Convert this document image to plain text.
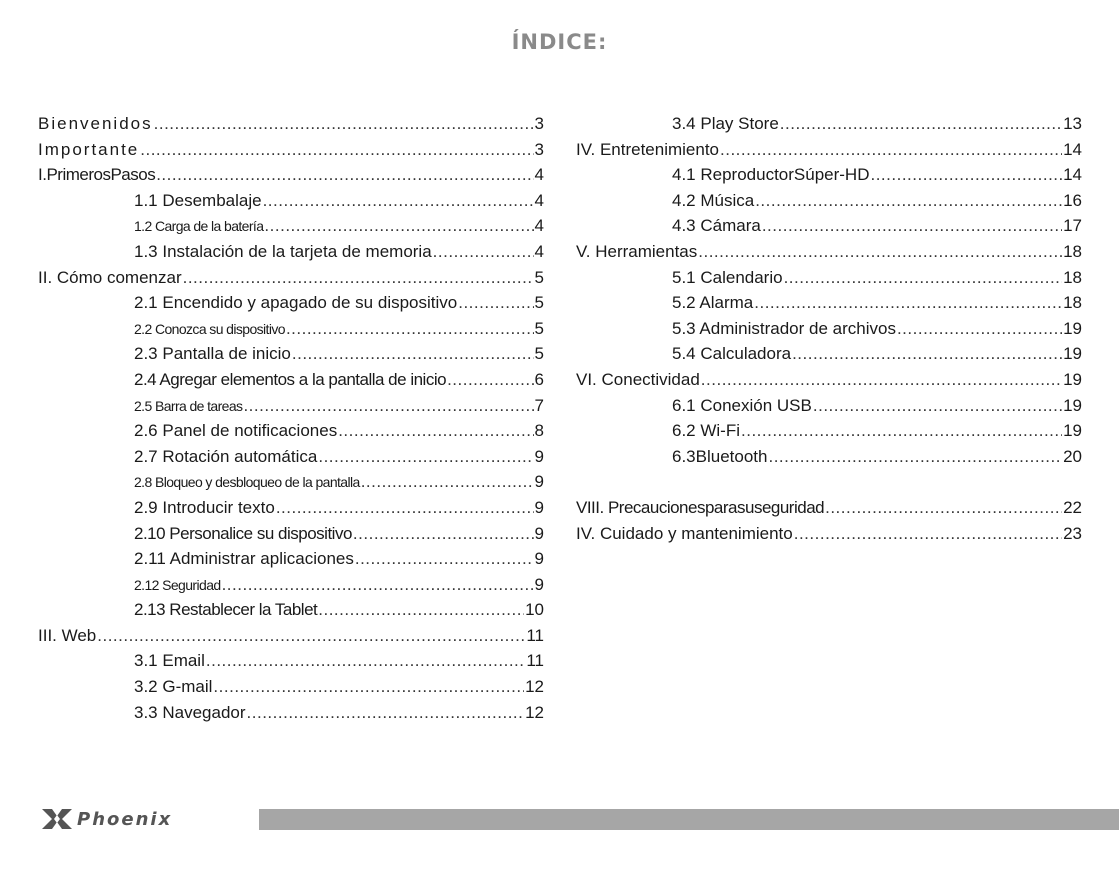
ÍNDICE:
Bienvenidos .....	3
Importante .....	3
I.PrimerosPasos .....	4
1.1 Desembalaje .....	4
1.2 Carga de la batería .....	4
1.3 Instalación de la tarjeta de memoria .....	4
II. Cómo comenzar .....	5
2.1 Encendido y apagado de su dispositivo .....	5
2.2 Conozca su dispositivo .....	5
2.3 Pantalla de inicio .....	5
2.4 Agregar elementos a la pantalla de inicio .....	6
2.5 Barra de tareas .....	7
2.6 Panel de notificaciones .....	8
2.7 Rotación automática .....	9
2.8 Bloqueo y desbloqueo de la pantalla .....	9
2.9 Introducir texto .....	9
2.10 Personalice su dispositivo .....	9
2.11 Administrar aplicaciones .....	9
2.12 Seguridad .....	9
2.13 Restablecer la Tablet .....	10
III. Web .....	11
3.1 Email .....	11
3.2 G-mail .....	12
3.3 Navegador .....	12
3.4 Play Store .....	13
IV. Entretenimiento .....	14
4.1 ReproductorSúper-HD .....	14
4.2 Música .....	16
4.3 Cámara .....	17
V. Herramientas .....	18
5.1 Calendario .....	18
5.2 Alarma .....	18
5.3 Administrador de archivos .....	19
5.4 Calculadora .....	19
VI. Conectividad .....	19
6.1 Conexión USB .....	19
6.2 Wi-Fi .....	19
6.3Bluetooth .....	20
VIII. Precaucionesparasuseguridad .....	22
IV. Cuidado y mantenimiento .....	23
Phoenix
